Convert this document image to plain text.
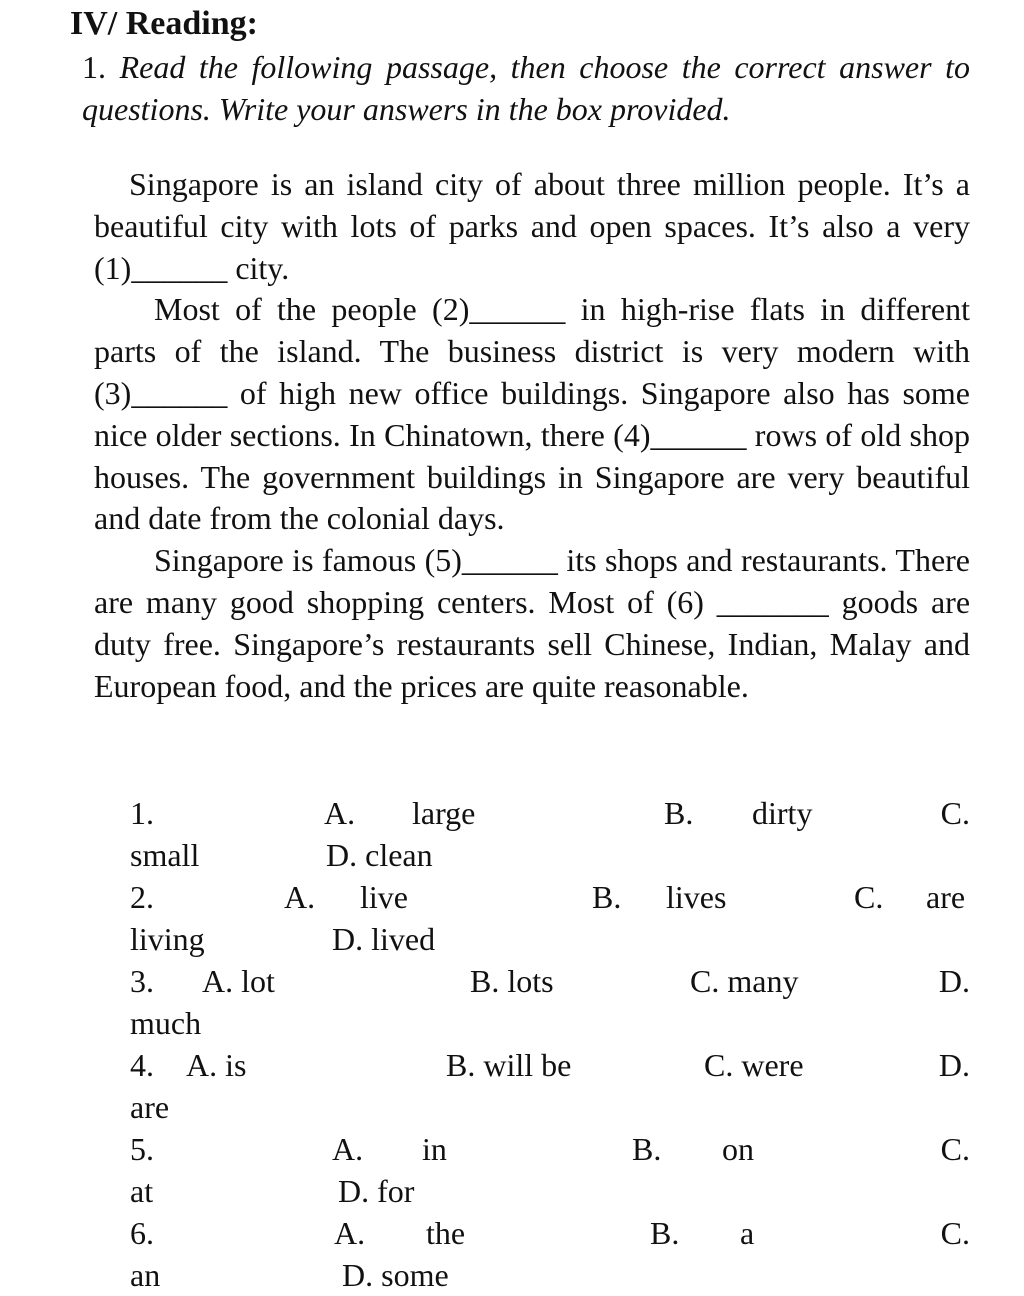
IV/ Reading:
1. Read the following passage, then choose the correct answer to questions. Write your answers in the box provided.

Singapore is an island city of about three million people. It’s a beautiful city with lots of parks and open spaces. It’s also a very (1)______ city.

Most of the people (2)______ in high-rise flats in different parts of the island. The business district is very modern with (3)______ of high new office buildings. Singapore also has some nice older sections. In Chinatown, there (4)______ rows of old shop houses. The government buildings in Singapore are very beautiful and date from the colonial days.

Singapore is famous (5)______ its shops and restaurants. There are many good shopping centers. Most of (6) _______ goods are duty free. Singapore’s restaurants sell Chinese, Indian, Malay and European food, and the prices are quite reasonable.

1.	A. large	B. dirty	C.
small	D. clean
2.	A. live	B. lives	C. are
living	D. lived
3. A. lot	B. lots	C. many	D.
much
4. A. is	B. will be	C. were	D.
are
5.	A. in	B. on	C.
at	D. for
6.	A. the	B. a	C.
an	D. some
